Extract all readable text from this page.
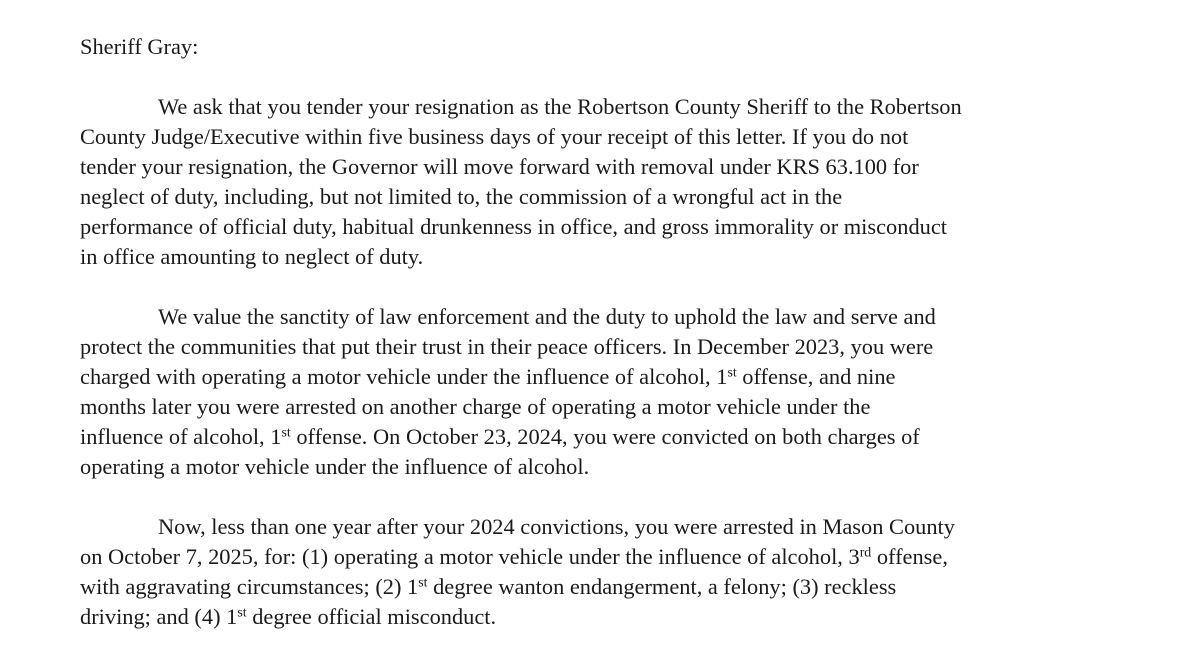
Sheriff Gray:
We ask that you tender your resignation as the Robertson County Sheriff to the Robertson
County Judge/Executive within five business days of your receipt of this letter. If you do not
tender your resignation, the Governor will move forward with removal under KRS 63.100 for
neglect of duty, including, but not limited to, the commission of a wrongful act in the
performance of official duty, habitual drunkenness in office, and gross immorality or misconduct
in office amounting to neglect of duty.
We value the sanctity of law enforcement and the duty to uphold the law and serve and
protect the communities that put their trust in their peace officers. In December 2023, you were
charged with operating a motor vehicle under the influence of alcohol, 1st offense, and nine
months later you were arrested on another charge of operating a motor vehicle under the
influence of alcohol, 1st offense. On October 23, 2024, you were convicted on both charges of
operating a motor vehicle under the influence of alcohol.
Now, less than one year after your 2024 convictions, you were arrested in Mason County
on October 7, 2025, for: (1) operating a motor vehicle under the influence of alcohol, 3rd offense,
with aggravating circumstances; (2) 1st degree wanton endangerment, a felony; (3) reckless
driving; and (4) 1st degree official misconduct.
